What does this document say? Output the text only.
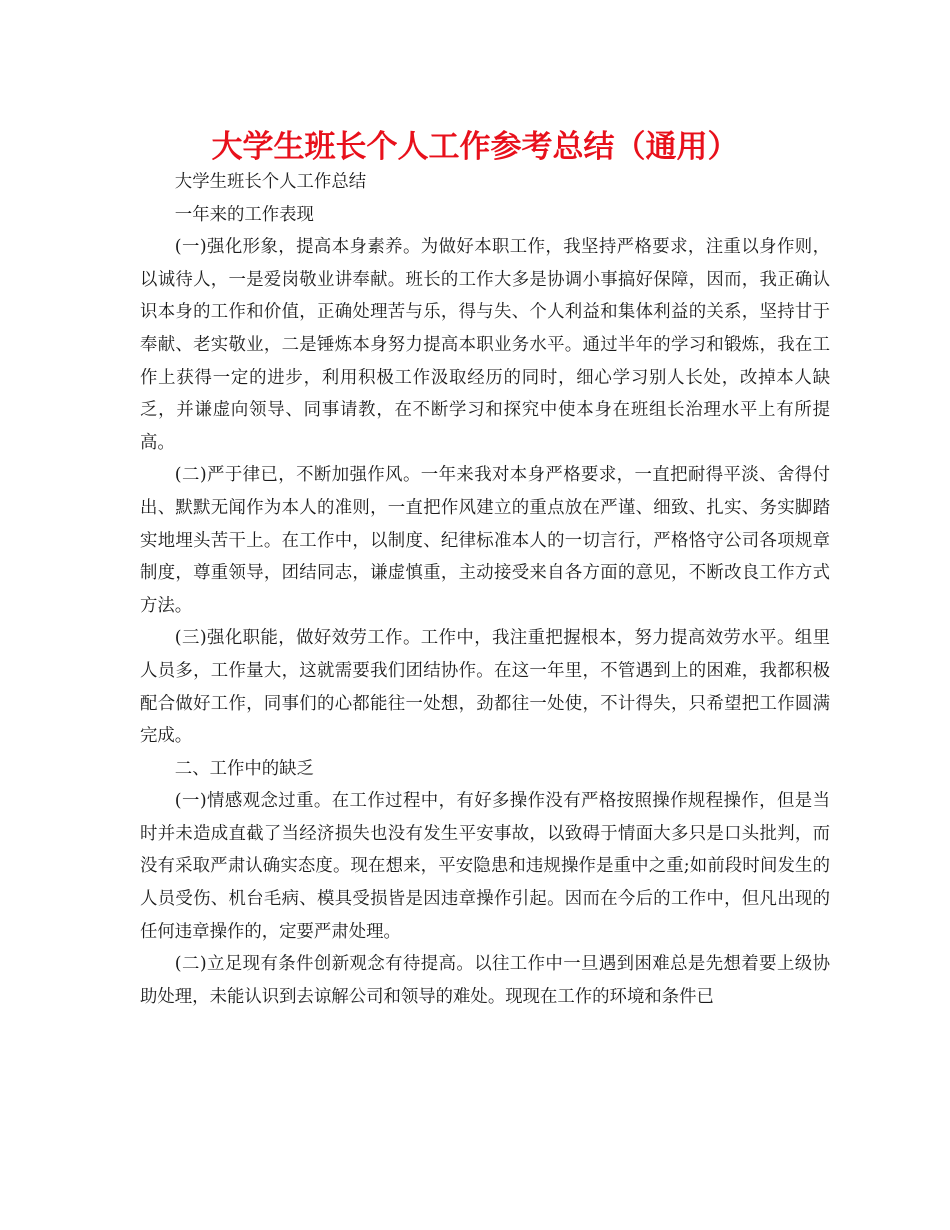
大学生班长个人工作参考总结（通用）

大学生班长个人工作总结

一年来的工作表现

(一)强化形象，提高本身素养。为做好本职工作，我坚持严格要求，注重以身作则，以诚待人，一是爱岗敬业讲奉献。班长的工作大多是协调小事搞好保障，因而，我正确认识本身的工作和价值，正确处理苦与乐，得与失、个人利益和集体利益的关系，坚持甘于奉献、老实敬业，二是锤炼本身努力提高本职业务水平。通过半年的学习和锻炼，我在工作上获得一定的进步，利用积极工作汲取经历的同时，细心学习别人长处，改掉本人缺乏，并谦虚向领导、同事请教，在不断学习和探究中使本身在班组长治理水平上有所提高。

(二)严于律已，不断加强作风。一年来我对本身严格要求，一直把耐得平淡、舍得付出、默默无闻作为本人的准则，一直把作风建立的重点放在严谨、细致、扎实、务实脚踏实地埋头苦干上。在工作中，以制度、纪律标准本人的一切言行，严格恪守公司各项规章制度，尊重领导，团结同志，谦虚慎重，主动接受来自各方面的意见，不断改良工作方式方法。

(三)强化职能，做好效劳工作。工作中，我注重把握根本，努力提高效劳水平。组里人员多，工作量大，这就需要我们团结协作。在这一年里，不管遇到上的困难，我都积极配合做好工作，同事们的心都能往一处想，劲都往一处使，不计得失，只希望把工作圆满完成。

二、工作中的缺乏

(一)情感观念过重。在工作过程中，有好多操作没有严格按照操作规程操作，但是当时并未造成直截了当经济损失也没有发生平安事故，以致碍于情面大多只是口头批判，而没有采取严肃认确实态度。现在想来，平安隐患和违规操作是重中之重;如前段时间发生的人员受伤、机台毛病、模具受损皆是因违章操作引起。因而在今后的工作中，但凡出现的任何违章操作的，定要严肃处理。

(二)立足现有条件创新观念有待提高。以往工作中一旦遇到困难总是先想着要上级协助处理，未能认识到去谅解公司和领导的难处。现现在工作的环境和条件已
